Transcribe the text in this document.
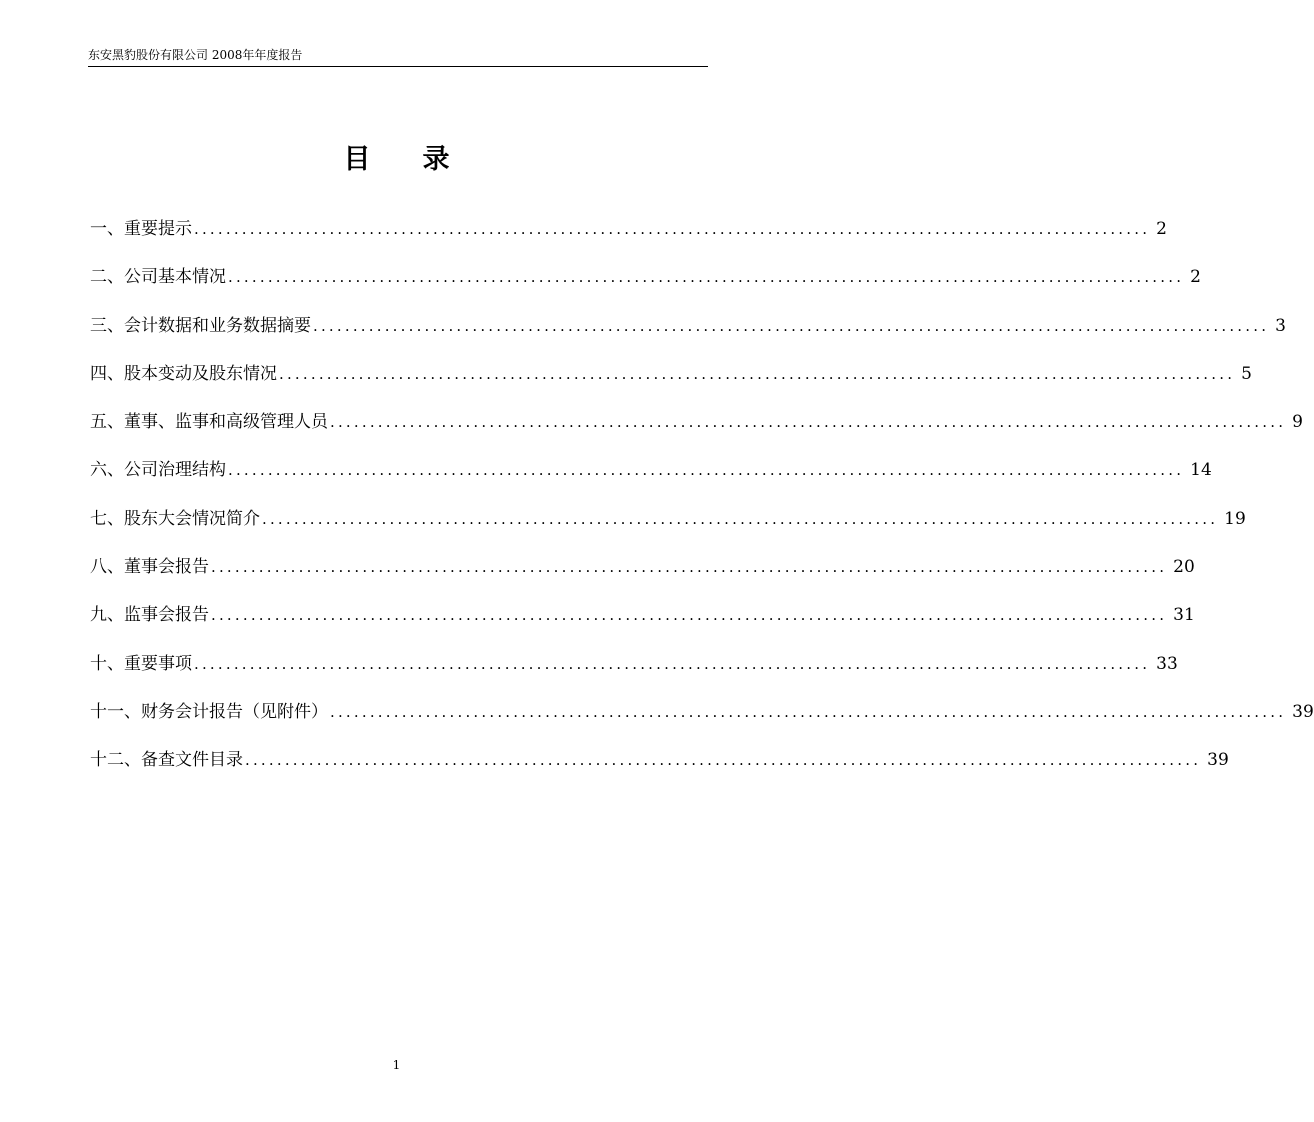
东安黑豹股份有限公司 2008年年度报告
目录
一、重要提示 ........................................................................................................................ 2
二、公司基本情况 ........................................................................................................................ 2
三、会计数据和业务数据摘要 ........................................................................................................................ 3
四、股本变动及股东情况 ........................................................................................................................ 5
五、董事、监事和高级管理人员 ........................................................................................................................ 9
六、公司治理结构 ........................................................................................................................ 14
七、股东大会情况简介 ........................................................................................................................ 19
八、董事会报告 ........................................................................................................................ 20
九、监事会报告 ........................................................................................................................ 31
十、重要事项 ........................................................................................................................ 33
十一、财务会计报告（见附件） ........................................................................................................................ 39
十二、备查文件目录 ........................................................................................................................ 39
1
